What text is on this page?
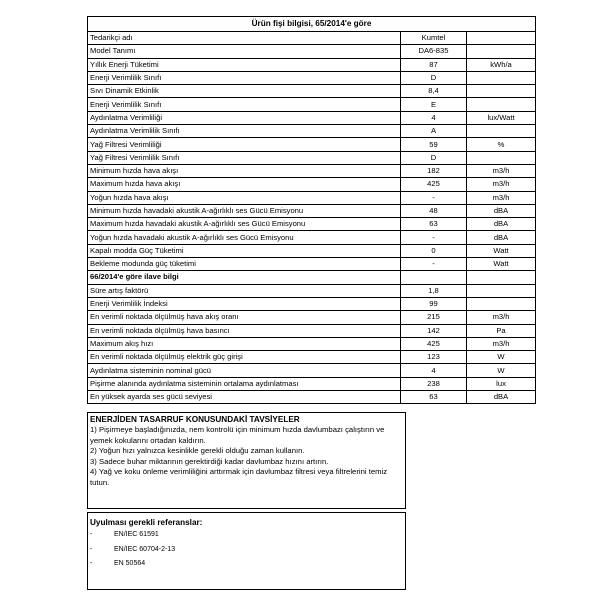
Ürün fişi bilgisi, 65/2014'e göre		
Tedarikçi adı	Kumtel	
Model Tanımı	DA6-835	
Yıllık Enerji Tüketimi	87	kWh/a
Enerji Verimlilik Sınıfı	D	
Sıvı Dinamik Etkinlik	8,4	
Enerji Verimlilik Sınıfı	E	
Aydınlatma Verimliliği	4	lux/Watt
Aydınlatma Verimlilik Sınıfı	A	
Yağ Filtresi Verimliliği	59	%
Yağ Filtresi Verimlilik Sınıfı	D	
Minimum hızda hava akışı	182	m3/h
Maximum hızda hava akışı	425	m3/h
Yoğun hızda hava akışı	-	m3/h
Minimum hızda havadaki akustik A-ağırlıklı ses Gücü Emisyonu	48	dBA
Maximum hızda havadaki akustik A-ağırlıklı ses Gücü Emisyonu	63	dBA
Yoğun hızda havadaki akustik A-ağırlıklı ses Gücü Emisyonu	-	dBA
Kapalı modda Güç Tüketimi	0	Watt
Bekleme modunda güç tüketimi	-	Watt
66/2014'e göre ilave bilgi		
Süre artış faktörü	1,8	
Enerji Verimlilik İndeksi	99	
En verimli noktada ölçülmüş hava akış oranı	215	m3/h
En verimli noktada ölçülmüş hava basıncı	142	Pa
Maximum akış hızı	425	m3/h
En verimli noktada ölçülmüş elektrik güç girişi	123	W
Aydınlatma sisteminin nominal gücü	4	W
Pişirme alanında aydınlatma sisteminin ortalama aydınlatması	238	lux
En yüksek ayarda ses gücü seviyesi	63	dBA
ENERJİDEN TASARRUF KONUSUNDAKİ TAVSİYELER

1) Pişirmeye başladığınızda, nem kontrolü için minimum hızda davlumbazı çalıştırın ve yemek kokularını ortadan kaldırın.

2) Yoğun hızı yalnızca kesinlikle gerekli olduğu zaman kullanın.

3) Sadece buhar miktarının gerektirdiği kadar davlumbaz hızını artırın.

4) Yağ ve koku önleme verimliliğini arttırmak için davlumbaz filtresi veya filtrelerini temiz tutun.

Uyulması gerekli referanslar:
-	EN/IEC 61591
-	EN/IEC 60704-2-13
-	EN 50564
